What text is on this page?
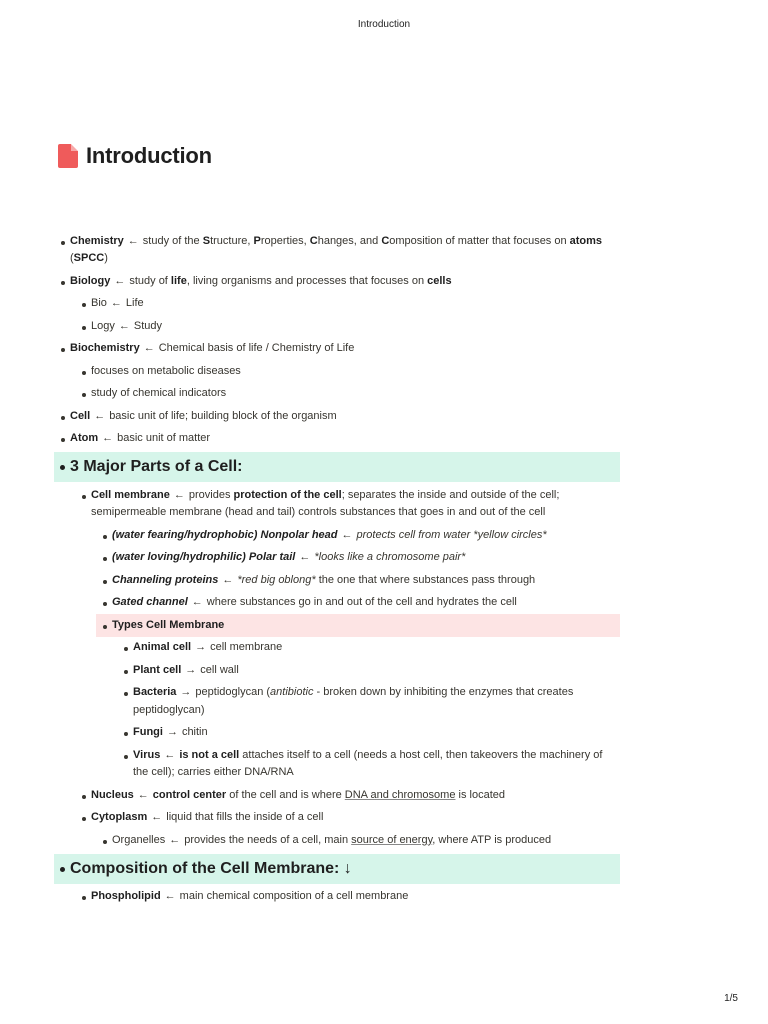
Introduction
Introduction
Chemistry ← study of the Structure, Properties, Changes, and Composition of matter that focuses on atoms (SPCC)
Biology ← study of life, living organisms and processes that focuses on cells
Bio ← Life
Logy ← Study
Biochemistry ← Chemical basis of life / Chemistry of Life
focuses on metabolic diseases
study of chemical indicators
Cell ← basic unit of life; building block of the organism
Atom ← basic unit of matter
3 Major Parts of a Cell:
Cell membrane ← provides protection of the cell; separates the inside and outside of the cell; semipermeable membrane (head and tail) controls substances that goes in and out of the cell
(water fearing/hydrophobic) Nonpolar head ← protects cell from water *yellow circles*
(water loving/hydrophilic) Polar tail ← *looks like a chromosome pair*
Channeling proteins ← *red big oblong* the one that where substances pass through
Gated channel ← where substances go in and out of the cell and hydrates the cell
Types Cell Membrane
Animal cell → cell membrane
Plant cell → cell wall
Bacteria → peptidoglycan (antibiotic - broken down by inhibiting the enzymes that creates peptidoglycan)
Fungi → chitin
Virus ← is not a cell attaches itself to a cell (needs a host cell, then takeovers the machinery of the cell); carries either DNA/RNA
Nucleus ← control center of the cell and is where DNA and chromosome is located
Cytoplasm ← liquid that fills the inside of a cell
Organelles ← provides the needs of a cell, main source of energy, where ATP is produced
Composition of the Cell Membrane: ↓
Phospholipid ← main chemical composition of a cell membrane
1/5
